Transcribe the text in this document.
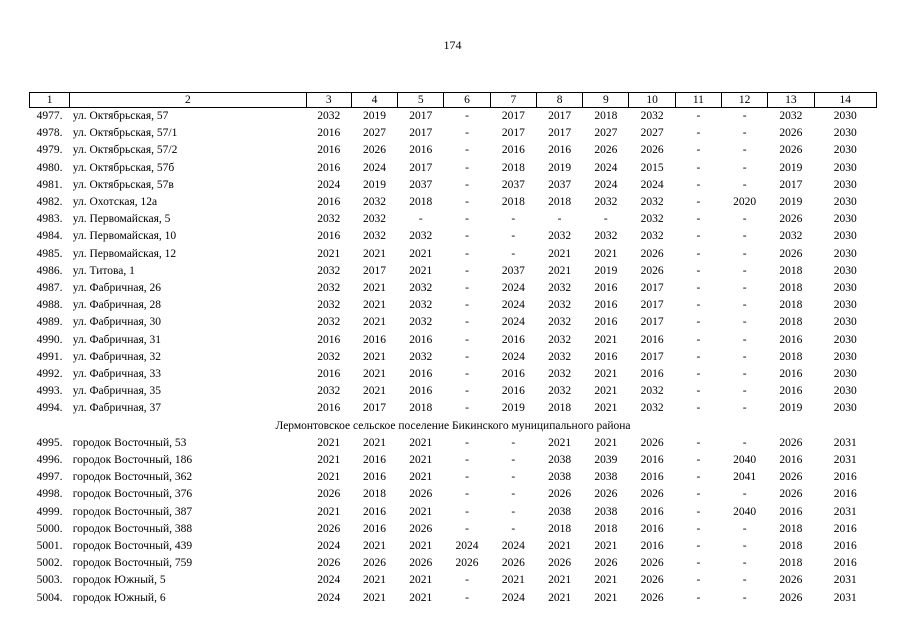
174
1	2	3	4	5	6	7	8	9	10	11	12	13	14
4977.	ул. Октябрьская, 57	2032	2019	2017	-	2017	2017	2018	2032	-	-	2032	2030
4978.	ул. Октябрьская, 57/1	2016	2027	2017	-	2017	2017	2027	2027	-	-	2026	2030
4979.	ул. Октябрьская, 57/2	2016	2026	2016	-	2016	2016	2026	2026	-	-	2026	2030
4980.	ул. Октябрьская, 57б	2016	2024	2017	-	2018	2019	2024	2015	-	-	2019	2030
4981.	ул. Октябрьская, 57в	2024	2019	2037	-	2037	2037	2024	2024	-	-	2017	2030
4982.	ул. Охотская, 12а	2016	2032	2018	-	2018	2018	2032	2032	-	2020	2019	2030
4983.	ул. Первомайская, 5	2032	2032	-	-	-	-	-	2032	-	-	2026	2030
4984.	ул. Первомайская, 10	2016	2032	2032	-	-	2032	2032	2032	-	-	2032	2030
4985.	ул. Первомайская, 12	2021	2021	2021	-	-	2021	2021	2026	-	-	2026	2030
4986.	ул. Титова, 1	2032	2017	2021	-	2037	2021	2019	2026	-	-	2018	2030
4987.	ул. Фабричная, 26	2032	2021	2032	-	2024	2032	2016	2017	-	-	2018	2030
4988.	ул. Фабричная, 28	2032	2021	2032	-	2024	2032	2016	2017	-	-	2018	2030
4989.	ул. Фабричная, 30	2032	2021	2032	-	2024	2032	2016	2017	-	-	2018	2030
4990.	ул. Фабричная, 31	2016	2016	2016	-	2016	2032	2021	2016	-	-	2016	2030
4991.	ул. Фабричная, 32	2032	2021	2032	-	2024	2032	2016	2017	-	-	2018	2030
4992.	ул. Фабричная, 33	2016	2021	2016	-	2016	2032	2021	2016	-	-	2016	2030
4993.	ул. Фабричная, 35	2032	2021	2016	-	2016	2032	2021	2032	-	-	2016	2030
4994.	ул. Фабричная, 37	2016	2017	2018	-	2019	2018	2021	2032	-	-	2019	2030
Лермонтовское сельское поселение Бикинского муниципального района													
4995.	городок Восточный, 53	2021	2021	2021	-	-	2021	2021	2026	-	-	2026	2031
4996.	городок Восточный, 186	2021	2016	2021	-	-	2038	2039	2016	-	2040	2016	2031
4997.	городок Восточный, 362	2021	2016	2021	-	-	2038	2038	2016	-	2041	2026	2016
4998.	городок Восточный, 376	2026	2018	2026	-	-	2026	2026	2026	-	-	2026	2016
4999.	городок Восточный, 387	2021	2016	2021	-	-	2038	2038	2016	-	2040	2016	2031
5000.	городок Восточный, 388	2026	2016	2026	-	-	2018	2018	2016	-	-	2018	2016
5001.	городок Восточный, 439	2024	2021	2021	2024	2024	2021	2021	2016	-	-	2018	2016
5002.	городок Восточный, 759	2026	2026	2026	2026	2026	2026	2026	2026	-	-	2018	2016
5003.	городок Южный, 5	2024	2021	2021	-	2021	2021	2021	2026	-	-	2026	2031
5004.	городок Южный, 6	2024	2021	2021	-	2024	2021	2021	2026	-	-	2026	2031
